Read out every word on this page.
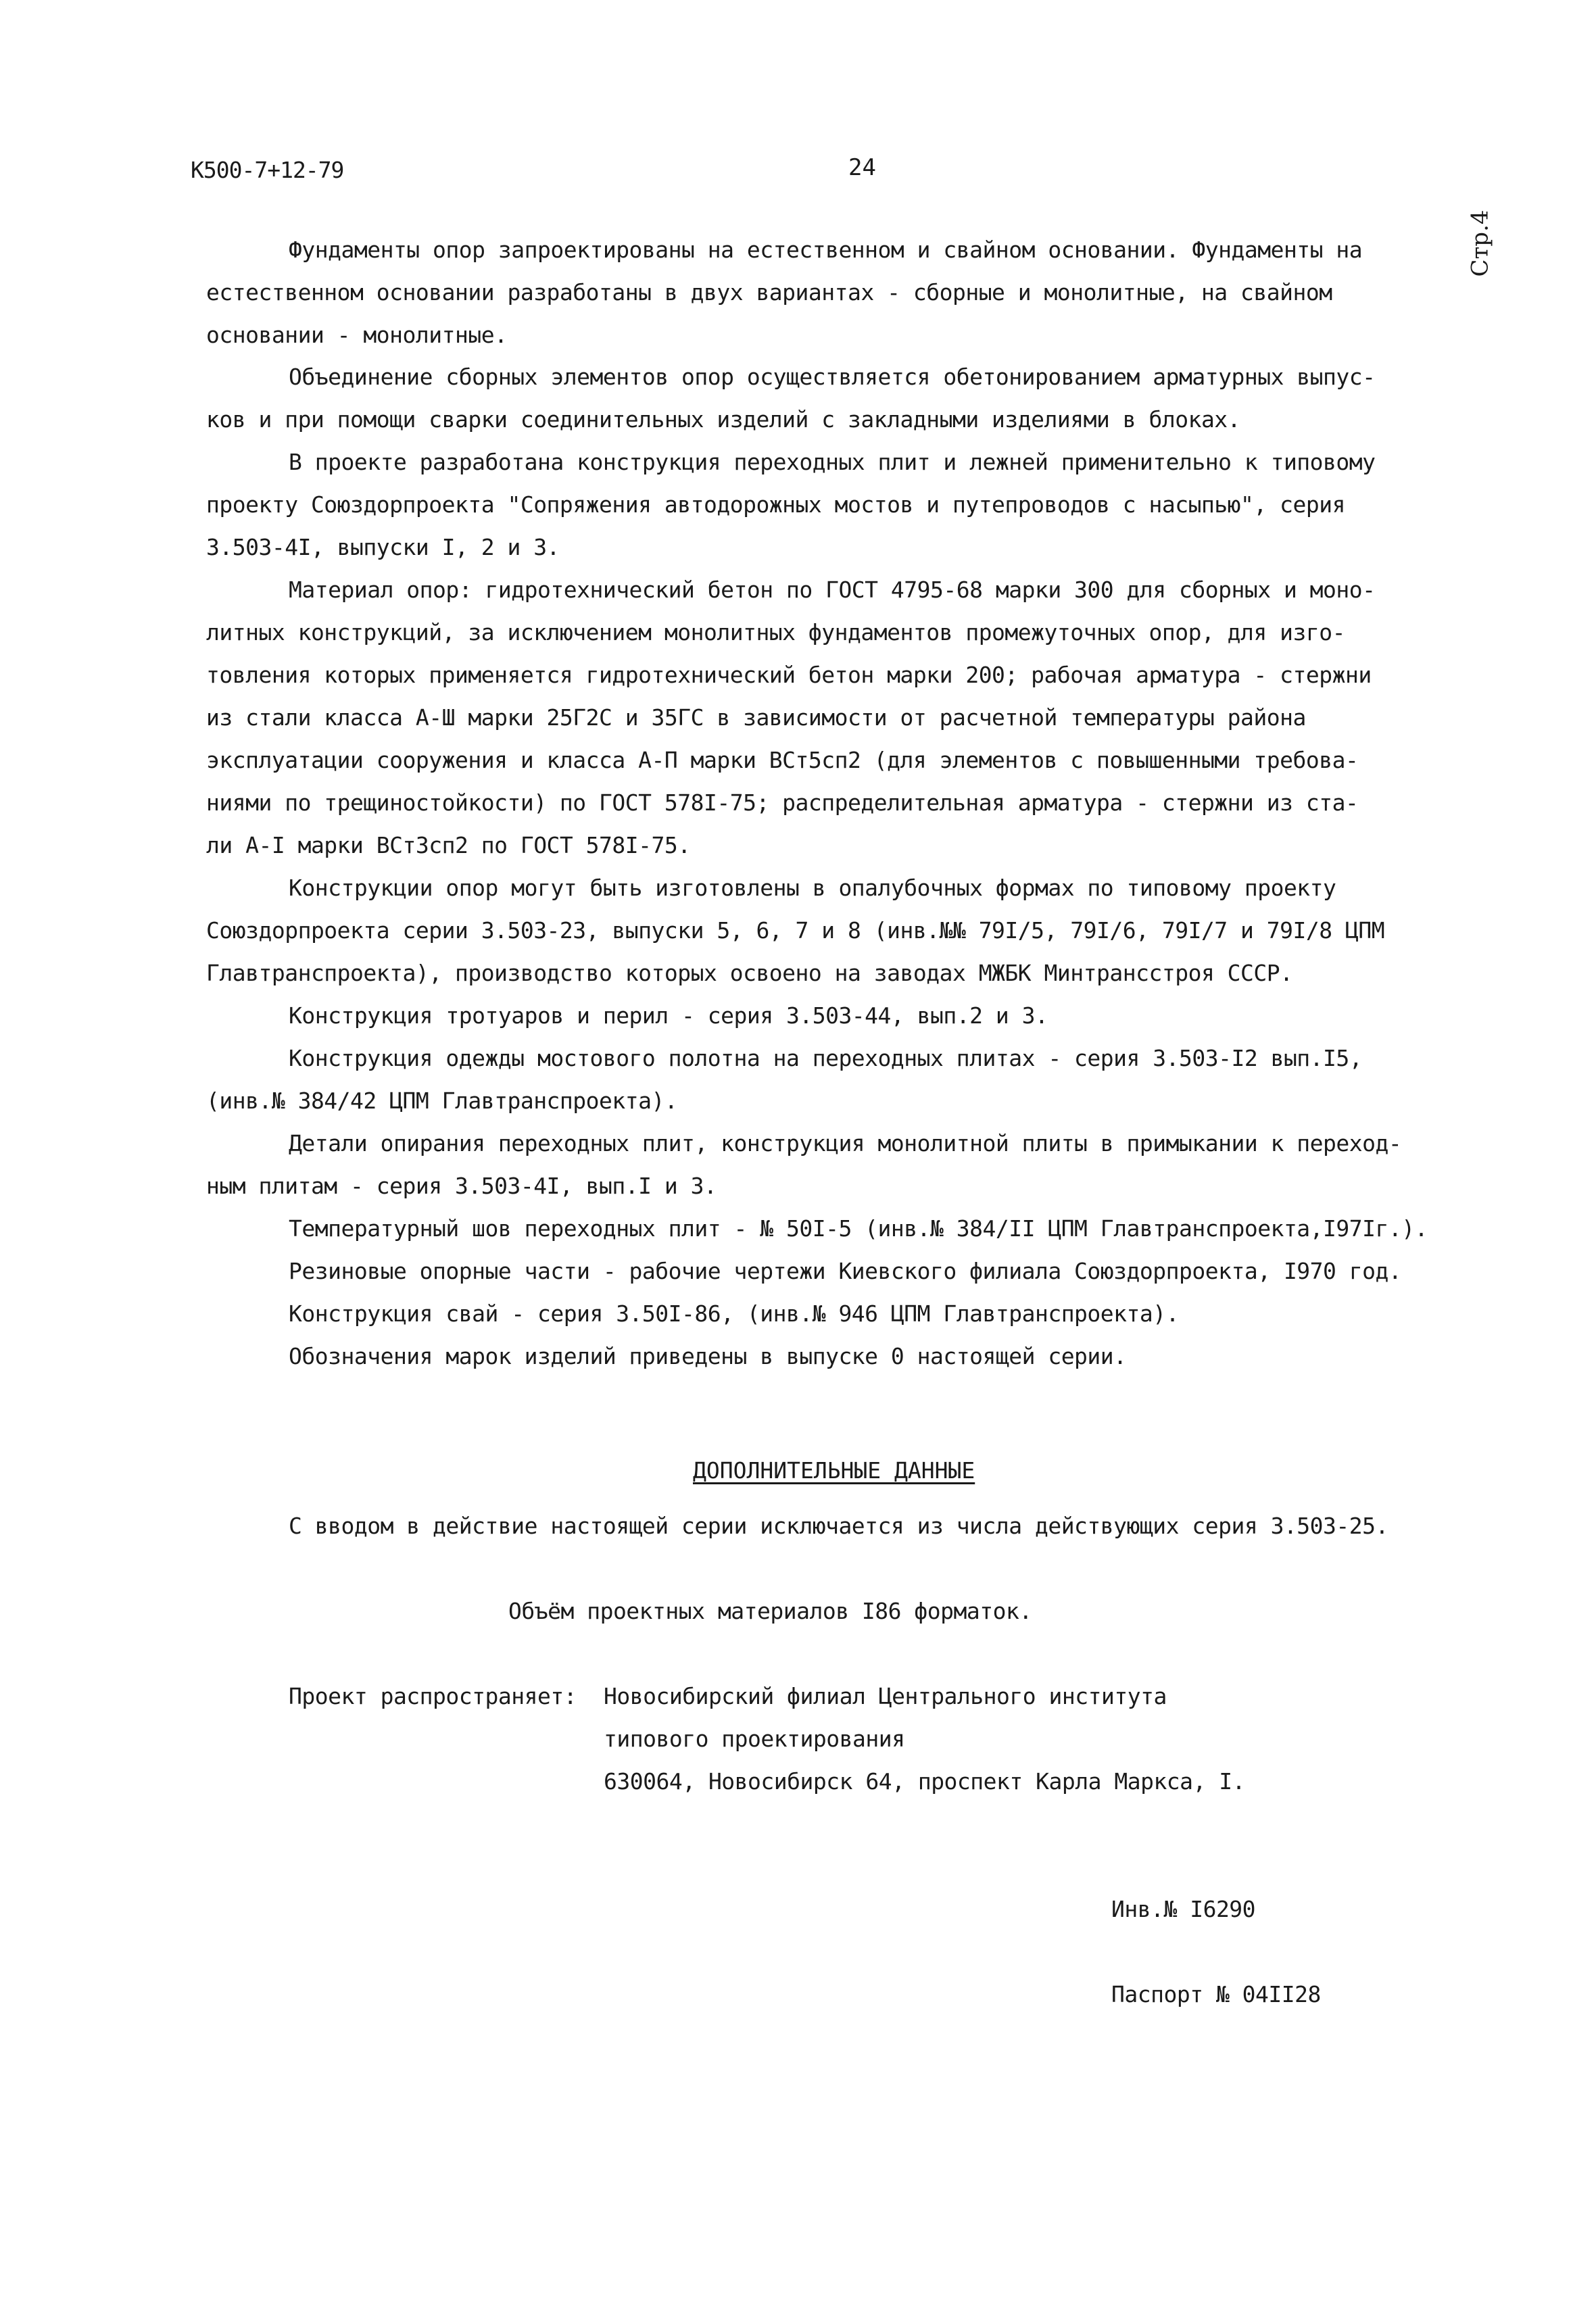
К500-7+12-79	24
Стр.4
Фундаменты опор запроектированы на естественном и свайном основании. Фундаменты на
естественном основании разработаны в двух вариантах - сборные и монолитные, на свайном
основании - монолитные.
Объединение сборных элементов опор осуществляется обетонированием арматурных выпус-
ков и при помощи сварки соединительных изделий с закладными изделиями в блоках.
В проекте разработана конструкция переходных плит и лежней применительно к типовому
проекту Союздорпроекта "Сопряжения автодорожных мостов и путепроводов с насыпью", серия
3.503-4I, выпуски I, 2 и 3.
Материал опор: гидротехнический бетон по ГОСТ 4795-68 марки 300 для сборных и моно-
литных конструкций, за исключением монолитных фундаментов промежуточных опор, для изго-
товления которых применяется гидротехнический бетон марки 200; рабочая арматура - стержни
из стали класса А-Ш марки 25Г2С и 35ГС в зависимости от расчетной температуры района
эксплуатации сооружения и класса А-П марки ВСт5сп2 (для элементов с повышенными требова-
ниями по трещиностойкости) по ГОСТ 578I-75; распределительная арматура - стержни из ста-
ли А-I марки ВСт3сп2 по ГОСТ 578I-75.
Конструкции опор могут быть изготовлены в опалубочных формах по типовому проекту
Союздорпроекта серии 3.503-23, выпуски 5, 6, 7 и 8 (инв.№№ 79I/5, 79I/6, 79I/7 и 79I/8 ЦПМ
Главтранспроекта), производство которых освоено на заводах МЖБК Минтрансстроя СССР.
Конструкция тротуаров и перил - серия 3.503-44, вып.2 и 3.
Конструкция одежды мостового полотна на переходных плитах - серия 3.503-I2 вып.I5,
(инв.№ 384/42 ЦПМ Главтранспроекта).
Детали опирания переходных плит, конструкция монолитной плиты в примыкании к переход-
ным плитам - серия 3.503-4I, вып.I и 3.
Температурный шов переходных плит - № 50I-5 (инв.№ 384/II ЦПМ Главтранспроекта,I97Iг.).
Резиновые опорные части - рабочие чертежи Киевского филиала Союздорпроекта, I970 год.
Конструкция свай - серия 3.50I-86, (инв.№ 946 ЦПМ Главтранспроекта).
Обозначения марок изделий приведены в выпуске 0 настоящей серии.
ДОПОЛНИТЕЛЬНЫЕ ДАННЫЕ
С вводом в действие настоящей серии исключается из числа действующих серия 3.503-25.
Объём проектных материалов I86 форматок.
Проект распространяет: Новосибирский филиал Центрального института
типового проектирования
630064, Новосибирск 64, проспект Карла Маркса, I.
Инв.№ I6290
Паспорт № 04II28
